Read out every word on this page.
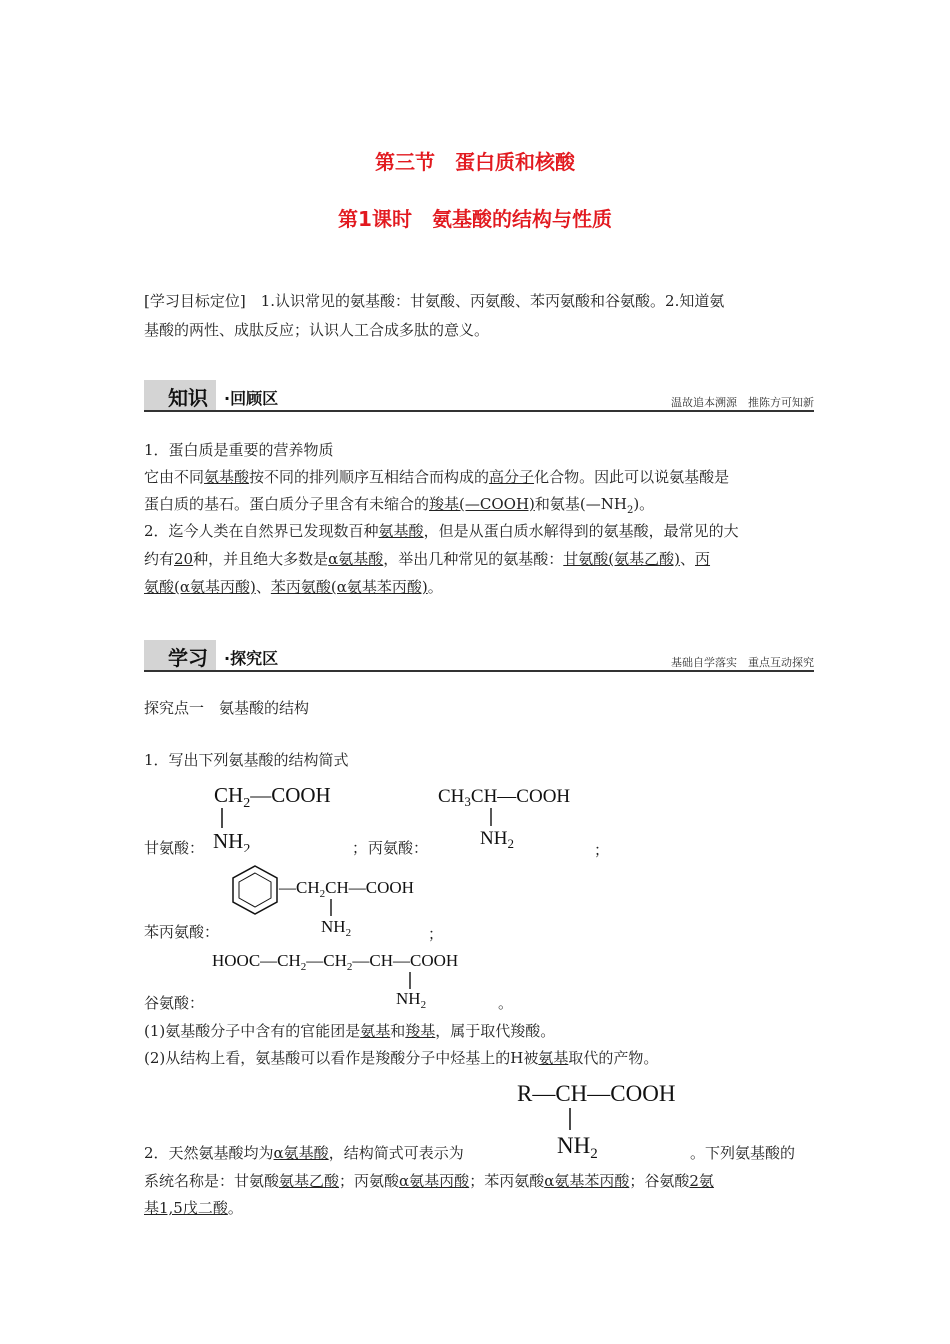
第三节　蛋白质和核酸
第1课时　氨基酸的结构与性质
[学习目标定位]　1.认识常见的氨基酸：甘氨酸、丙氨酸、苯丙氨酸和谷氨酸。2.知道氨
基酸的两性、成肽反应；认识人工合成多肽的意义。
知识 ·回顾区	温故追本溯源　推陈方可知新
1．蛋白质是重要的营养物质
它由不同氨基酸按不同的排列顺序互相结合而构成的高分子化合物。因此可以说氨基酸是
蛋白质的基石。蛋白质分子里含有未缩合的羧基(—COOH)和氨基$(—NH_2)$。
2．迄今人类在自然界已发现数百种氨基酸，但是从蛋白质水解得到的氨基酸，最常见的大
约有20种，并且绝大多数是α氨基酸，举出几种常见的氨基酸：甘氨酸(氨基乙酸)、丙
氨酸(α氨基丙酸)、苯丙氨酸(α氨基苯丙酸)。
学习 ·探究区	基础自学落实　重点互动探究
探究点一　氨基酸的结构
1．写出下列氨基酸的结构简式
$CH_2—COOH$
$NH_2$
甘氨酸：	； 丙氨酸：
$CH_3CH—COOH$
$NH_2$	；
$—CH_2CH—COOH$
$NH_2$
苯丙氨酸：	；
$HOOC—CH_2—CH_2—CH—COOH$
$NH_2$
谷氨酸：	。
(1)氨基酸分子中含有的官能团是氨基和羧基，属于取代羧酸。
(2)从结构上看，氨基酸可以看作是羧酸分子中烃基上的H被氨基取代的产物。
R—CH—COOH
$NH_2$
2．天然氨基酸均为α氨基酸，结构简式可表示为	。下列氨基酸的
系统名称是：甘氨酸氨基乙酸；丙氨酸α氨基丙酸；苯丙氨酸α氨基苯丙酸；谷氨酸2氨
基1,5戊二酸。
